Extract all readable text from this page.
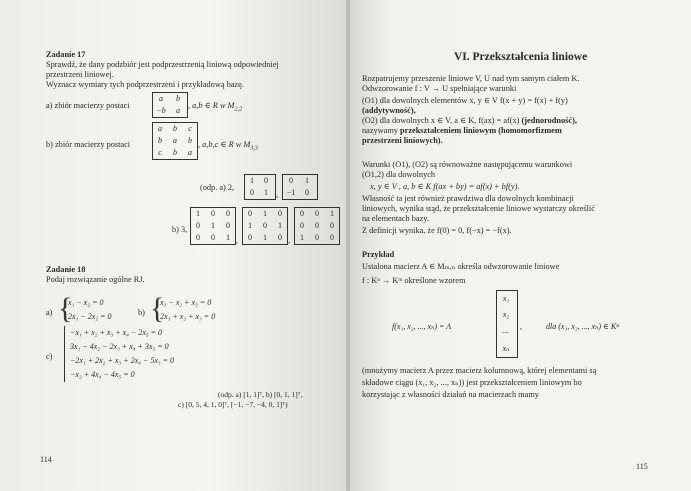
Zadanie 17
Sprawdź, że dany podzbiór jest podprzestrzenią liniową odpowiedniej
przestrzeni liniowej.
Wyznacz wymiary tych podprzestrzeni i przykładową bazę.
a) zbiór macierzy postaci
a	b
−b	a
, a,b ∈ R w $M_{2,2}$
b) zbiór macierzy postaci
a	b	c
b	a	b
c	b	a
, a,b,c ∈ R w $M_{3,3}$
(odp. a) 2,
1	0
0	1 ,
0	1
−1	0
b) 3,
1	0	0
0	1	0
0	0	1 ,
0	1	0
1	0	1
0	1	0 ,
0	0	1
0	0	0
1	0	0
Zadanie 18
Podaj rozwiązanie ogólne RJ.
a) {
x₁ − x₂ = 0
2x₁ − 2x₂ = 0	b) {
x₁ − x₂ + x₃ = 0
2x₁ + x₂ + x₃ = 0
c)
−x₁ + x₂ + x₃ + x₄ − 2x₅ = 0
3x₁ − 4x₂ − 2x₃ + x₄ + 3x₅ = 0
−2x₁ + 2x₂ + x₃ + 2x₄ − 5x₅ = 0
−x₂ + 4x₄ − 4x₅ = 0
(odp. a) [1, 1]ᵀ, b) [0, 1, 1]ᵀ,
c) [0, 5, 4, 1, 0]ᵀ, [−1, −7, −4, 0, 1]ᵀ)
114
VI. Przekształcenia liniowe
Rozpatrujemy przeszenie liniowe V, U nad tym samym ciałem K.
Odwzorowanie f : V → U spełniające warunki
(O1) dla dowolnych elementów x, y ∈ V f(x + y) = f(x) + f(y)
(addytywność),
(O2) dla dowolnych x ∈ V, a ∈ K, f(ax) = af(x) (jednorodność),
nazywamy przekształceniem liniowym (homomorfizmem
przestrzeni liniowych).
Warunki (O1), (O2) są równoważne następującemu warunkowi
(O1,2) dla dowolnych
x, y ∈ V , a, b ∈ K f(ax + by) = af(x) + bf(y).
Własność ta jest również prawdziwa dla dowolnych kombinacji
liniowych, wynika stąd, że przekształcenie liniowe wystarczy określić
na elementach bazy.
Z definicji wynika, że f(0) = 0, f(−x) = −f(x).
Przykład
Ustalona macierz A ∈ Mₘ,ₙ określa odwzorowanie liniowe
f : Kⁿ → Kᵐ określone wzorem
f(x₁, x₂, ..., xₙ) = A
x₁
x₂
...
xₙ
,	dla (x₁, x₂, ..., xₙ) ∈ Kⁿ
(mnożymy macierz A przez macierz kolumnową, której elementami są
składowe ciągu (x₁, x₂, ..., xₙ)) jest przekształceniem liniowym bo
korzystając z własności działań na macierzach mamy
115
